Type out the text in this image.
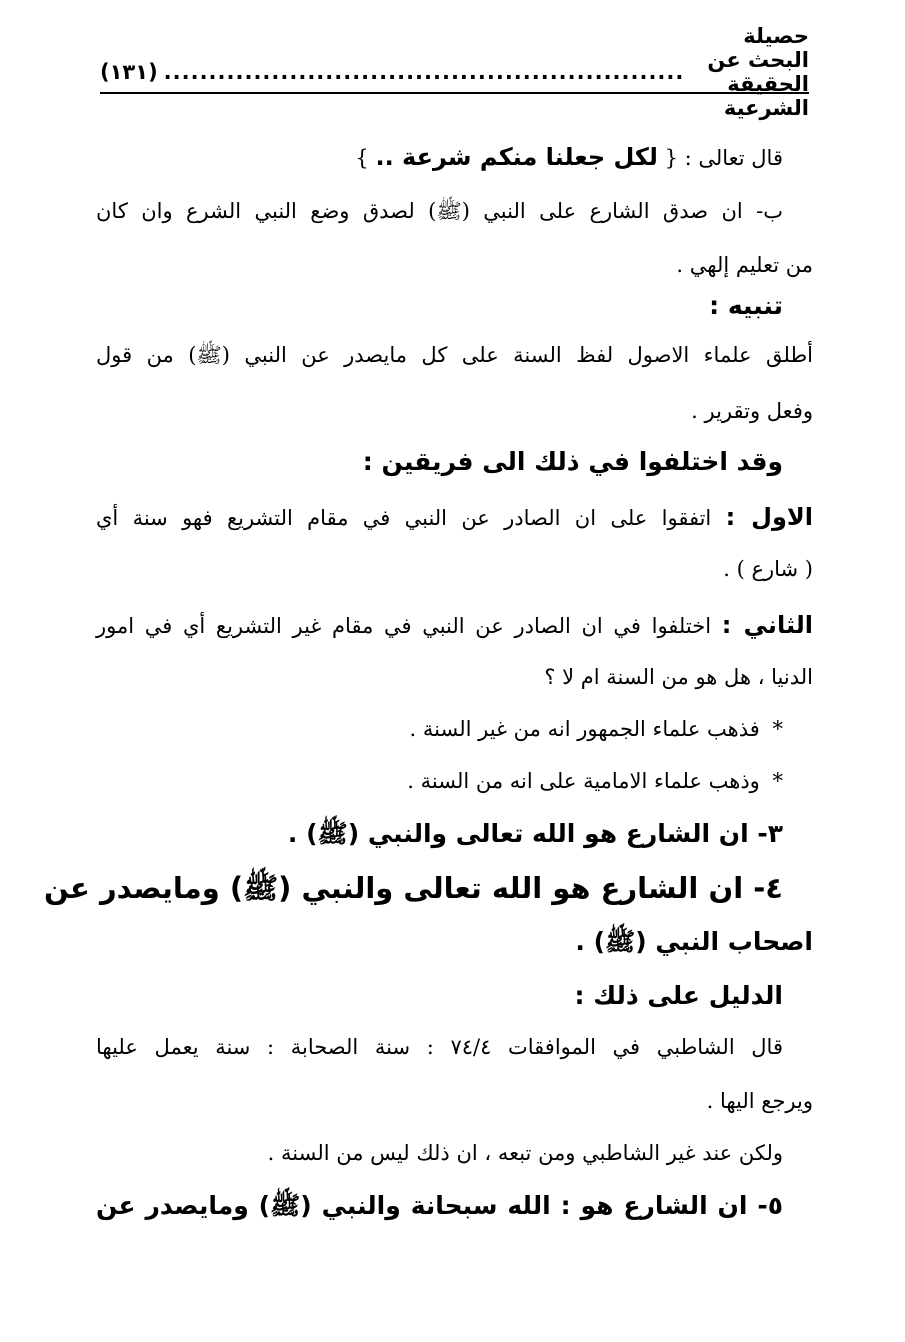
حصيلة البحث عن الحقيقة الشرعية
..........................................................
(١٣١)
قال تعالى : { لكل جعلنا منكم شرعة .. }
ب- ان صدق الشارع على النبي (ﷺ) لصدق وضع النبي الشرع وان كان
من تعليم إلهي .
تنبيه :
أطلق علماء الاصول لفظ السنة على كل مايصدر عن النبي (ﷺ) من قول
وفعل وتقرير .
وقد اختلفوا في ذلك الى فريقين :
الاول : اتفقوا على ان الصادر عن النبي في مقام التشريع فهو سنة أي
( شارع ) .
الثاني : اختلفوا في ان الصادر عن النبي في مقام غير التشريع أي في امور
الدنيا ، هل هو من السنة ام لا ؟
* فذهب علماء الجمهور انه من غير السنة .
* وذهب علماء الامامية على انه من السنة .
٣- ان الشارع هو الله تعالى والنبي (ﷺ) .
٤- ان الشارع هو الله تعالى والنبي (ﷺ) ومايصدر عن
اصحاب النبي (ﷺ) .
الدليل على ذلك :
قال الشاطبي في الموافقات ٧٤/٤ : سنة الصحابة : سنة يعمل عليها
ويرجع اليها .
ولكن عند غير الشاطبي ومن تبعه ، ان ذلك ليس من السنة .
٥- ان الشارع هو : الله سبحانة والنبي (ﷺ) ومايصدر عن
